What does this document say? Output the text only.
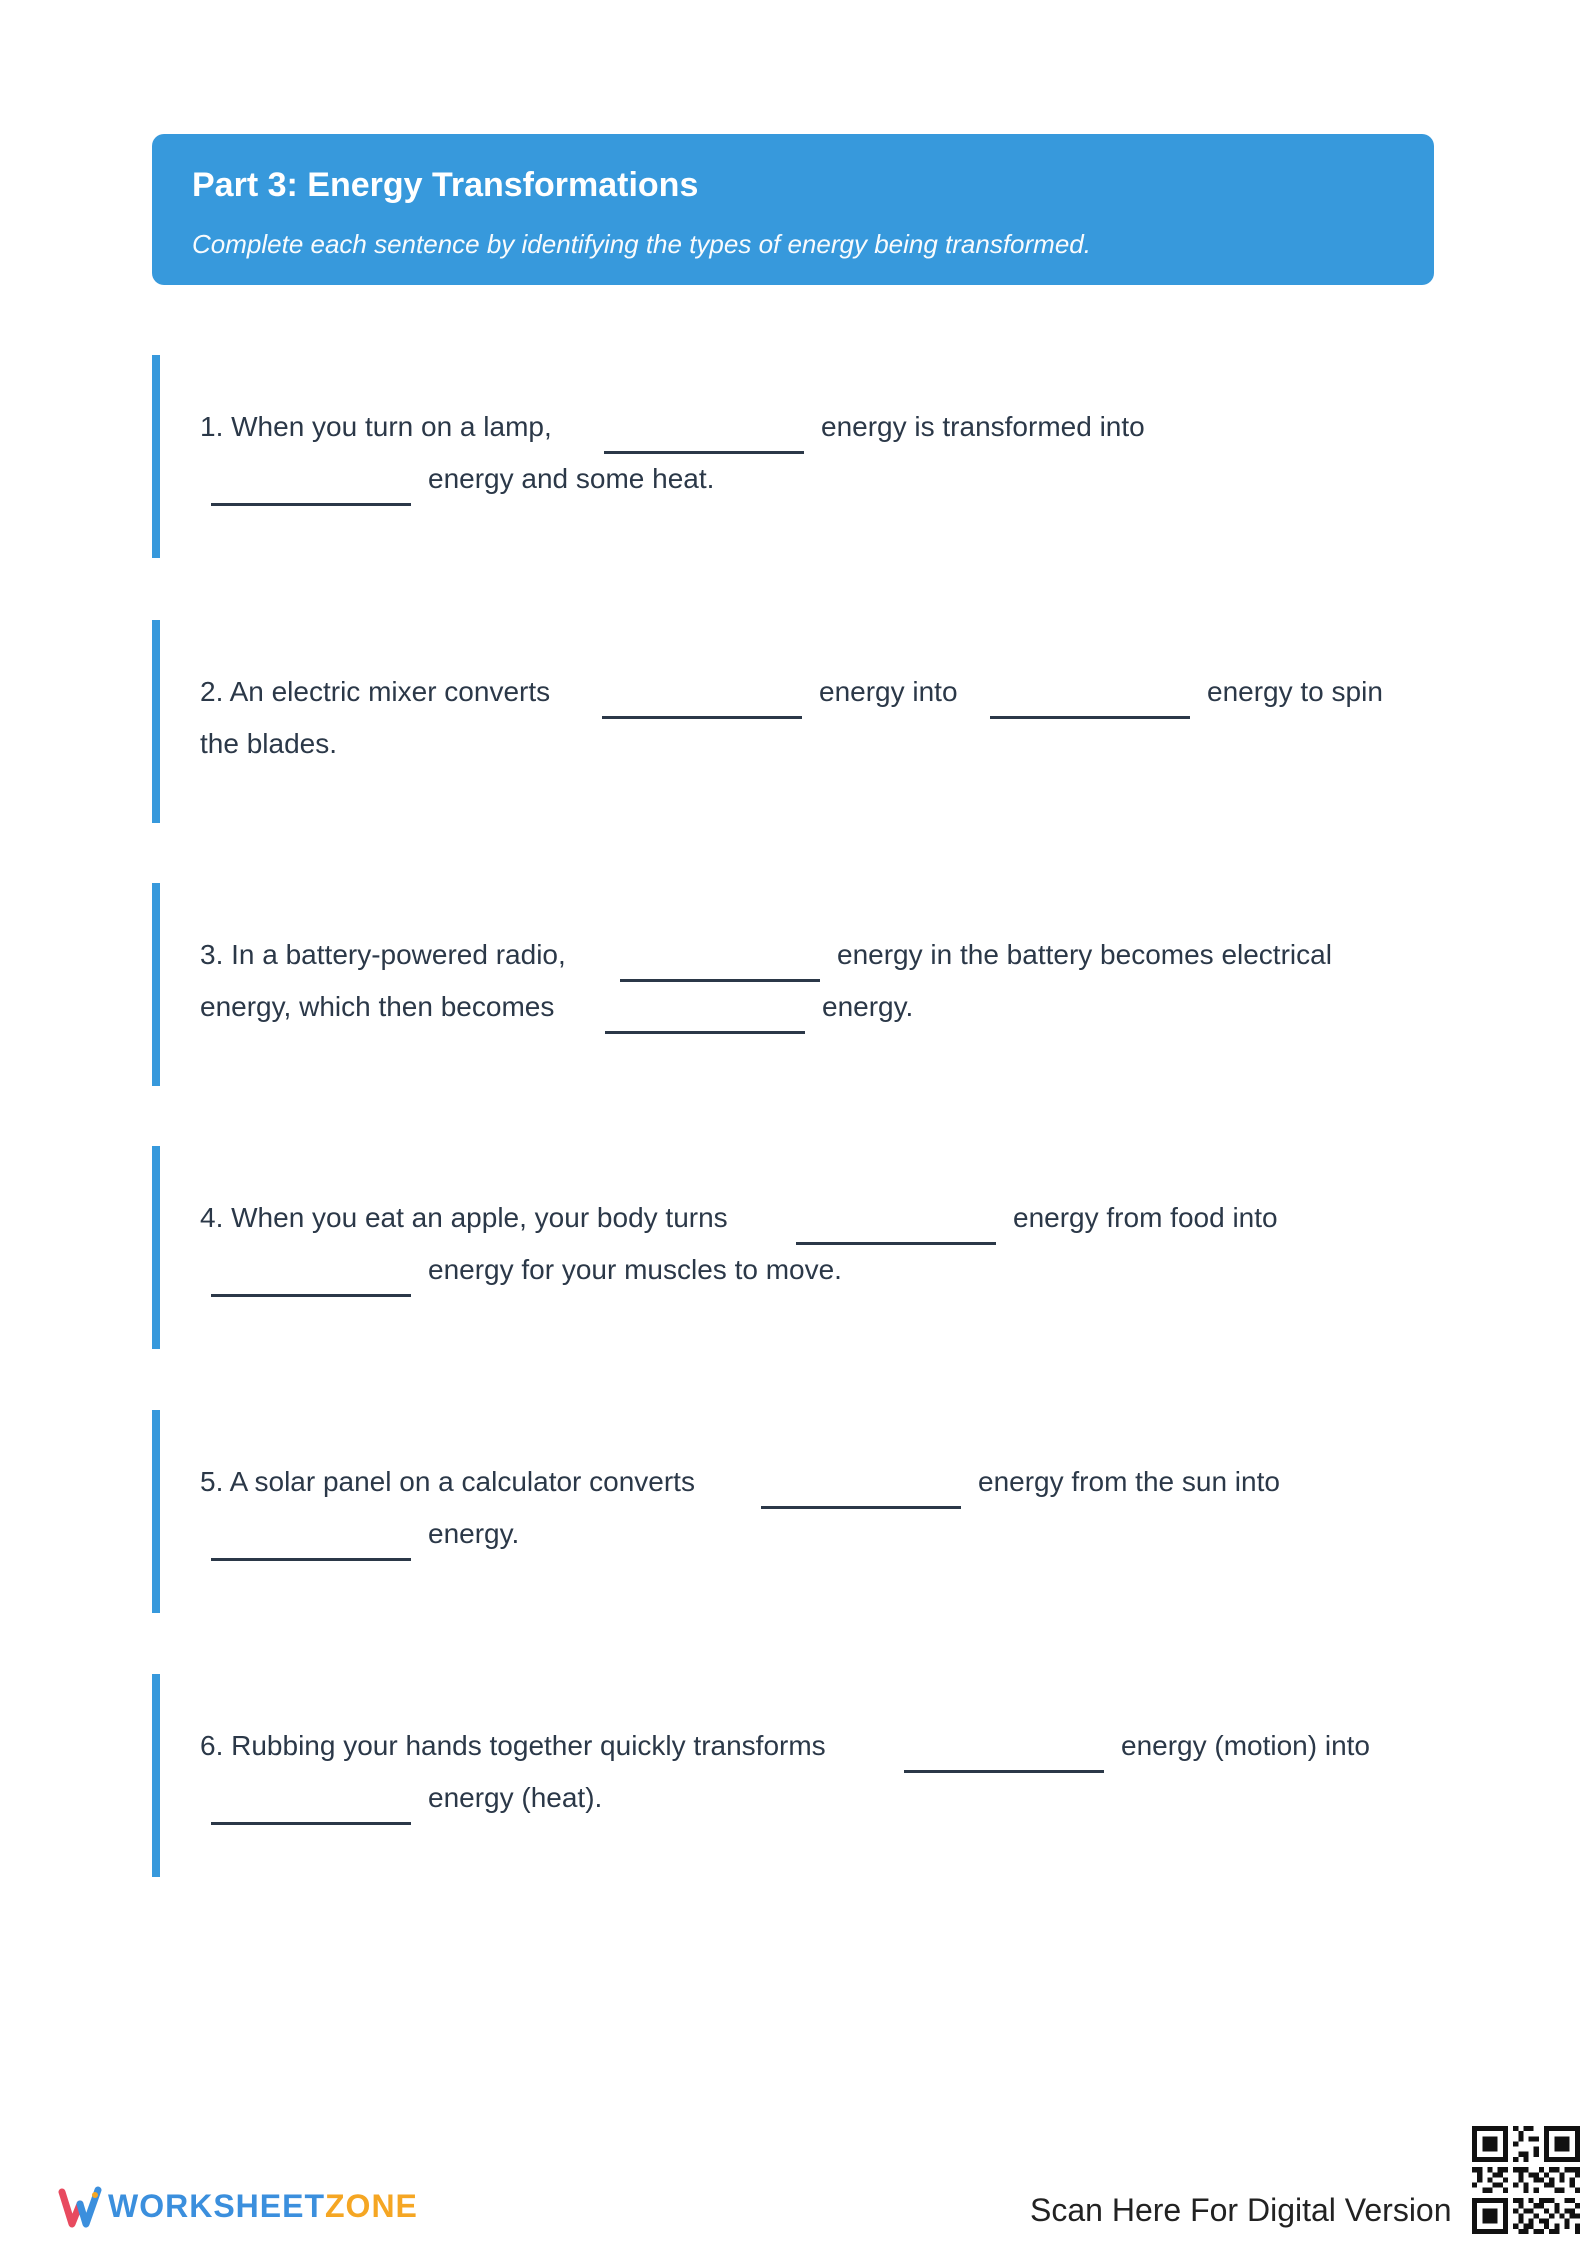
Part 3: Energy Transformations
Complete each sentence by identifying the types of energy being transformed.
1. When you turn on a lamp,	energy is transformed into
energy and some heat.
2. An electric mixer converts	energy into	energy to spin
the blades.
3. In a battery-powered radio,	energy in the battery becomes electrical
energy, which then becomes	energy.
4. When you eat an apple, your body turns	energy from food into
energy for your muscles to move.
5. A solar panel on a calculator converts	energy from the sun into
energy.
6. Rubbing your hands together quickly transforms	energy (motion) into
energy (heat).
WORKSHEETZONE	Scan Here For Digital Version
